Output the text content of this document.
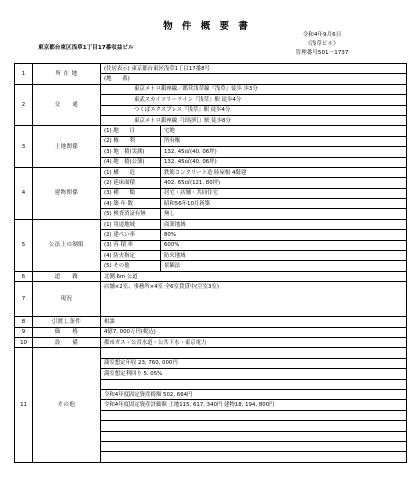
物 件 概 要 書
令和4年9月6日
《浅草ビル》
管理番号501－1737
東京都台東区浅草1丁目17番収益ビル
1	所 在 地	(住居表示) 東京都台東区浅草1丁目17番8号	
		(地　　番)	
2	交　　通	東京メトロ銀座線／都営浅草線『浅草』徒歩 歩3分	
		東武スカイツリーライン『浅草』駅 徒歩4分	
		つくばエクスプレス『浅草』駅 徒歩4分	
		東京メトロ銀座線『田原町』駅 徒歩8分	
3	土地関係	(1) 地　　目	宅地
		(2) 権　　利	所有権
		(3) 地　積(実測)	132. 45㎡(40. 06坪)
		(4) 地　積(公簿)	132. 45㎡(40. 06坪)
4	建物関係	(1) 構　　造	鉄筋コンクリート造 陸屋根 4階建
		(2) 延床面積	402. 65㎡(121. 80坪)
		(3) 種　　類	居宅・店舗・共同住宅
		(4) 築 年 数	昭和56年10月新築
		(5) 検査済証有無	無し
5	公法上の制限	(1) 用途地域	商業地域
		(2) 建ぺい率	80%
		(3) 容 積 率	600%
		(4) 防火指定	防火地域
		(5) その他	景観法
6	道　　路	北側 6m 公道	
7	現況	店舗×2室、事務所×4室 全6室賃貸中(空室3室)	
8	引渡し条件	相談	
9	価　　格	4億7, 000万円(税込)	
10	設　　備	都市ガス・公営水道・公共下水・東京電力	
11	その他		
		満室想定年収 23, 760, 000円	
		満室想定利回り 5. 05%	

		令和4年度固定資産税額 502, 664円	
		令和4年度固定資産評価額 土地115, 617, 340円 建物18, 194, 800円	
